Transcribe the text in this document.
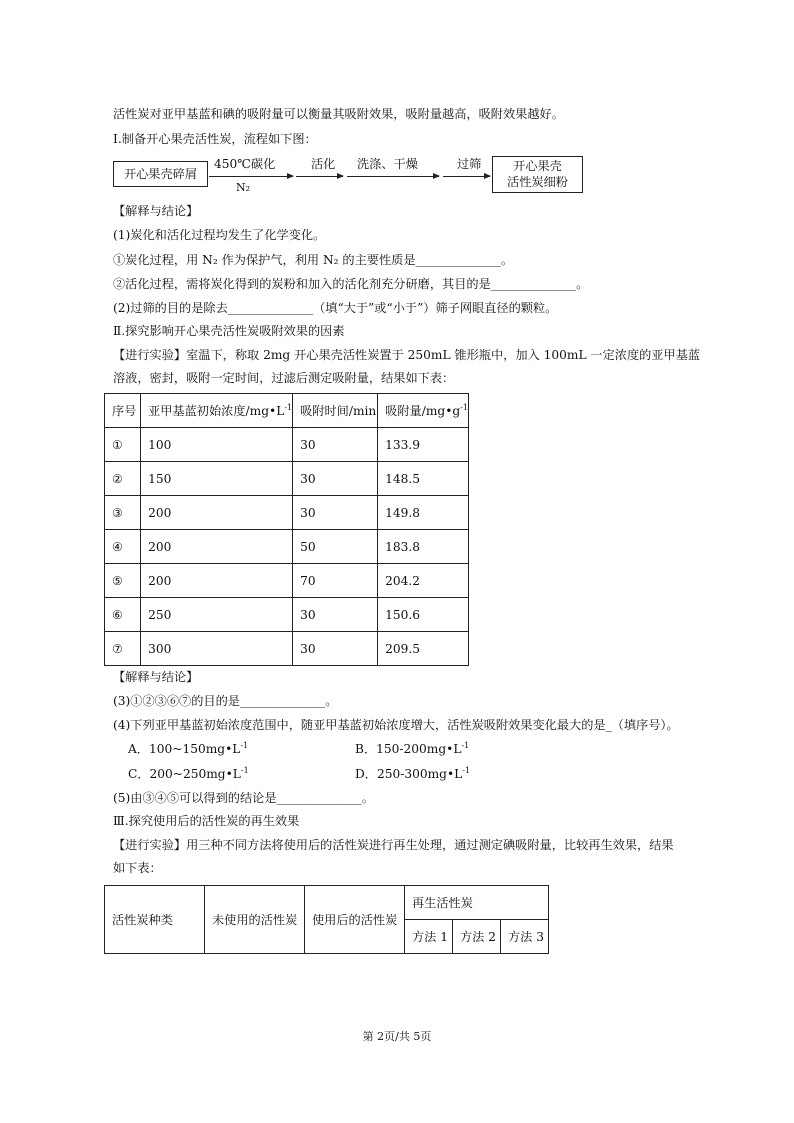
活性炭对亚甲基蓝和碘的吸附量可以衡量其吸附效果，吸附量越高，吸附效果越好。
Ⅰ.制备开心果壳活性炭，流程如下图：
开心果壳碎屑
450℃碳化
N₂
活化 洗涤、干燥	过筛	开心果壳
活性炭细粉
【解释与结论】
(1)炭化和活化过程均发生了化学变化。
①炭化过程，用 N₂ 作为保护气，利用 N₂ 的主要性质是______________。
②活化过程，需将炭化得到的炭粉和加入的活化剂充分研磨，其目的是______________。
(2)过筛的目的是除去______________（填“大于”或“小于”）筛子网眼直径的颗粒。
Ⅱ.探究影响开心果壳活性炭吸附效果的因素
【进行实验】室温下，称取 2mg 开心果壳活性炭置于 250mL 锥形瓶中，加入 100mL 一定浓度的亚甲基蓝
溶液，密封，吸附一定时间，过滤后测定吸附量，结果如下表：
序号	亚甲基蓝初始浓度$/mg•L^{-1}$	吸附时间/min	吸附量$/mg•g^{-1}$
①	100	30	133.9
②	150	30	148.5
③	200	30	149.8
④	200	50	183.8
⑤	200	70	204.2
⑥	250	30	150.6
⑦	300	30	209.5
【解释与结论】
(3)①②③⑥⑦的目的是______________。
(4)下列亚甲基蓝初始浓度范围中，随亚甲基蓝初始浓度增大，活性炭吸附效果变化最大的是_（填序号）。
A．$100\sim 150mg•L^{-1}$	B．$150-200mg•L^{-1}$
C．$200\sim 250mg•L^{-1}$	D．$250-300mg•L^{-1}$
(5)由③④⑤可以得到的结论是______________。
Ⅲ.探究使用后的活性炭的再生效果
【进行实验】用三种不同方法将使用后的活性炭进行再生处理，通过测定碘吸附量，比较再生效果，结果
如下表：
活性炭种类	未使用的活性炭	使用后的活性炭	再生活性炭		
			方法 1	方法 2	方法 3
第 2页/共 5页
